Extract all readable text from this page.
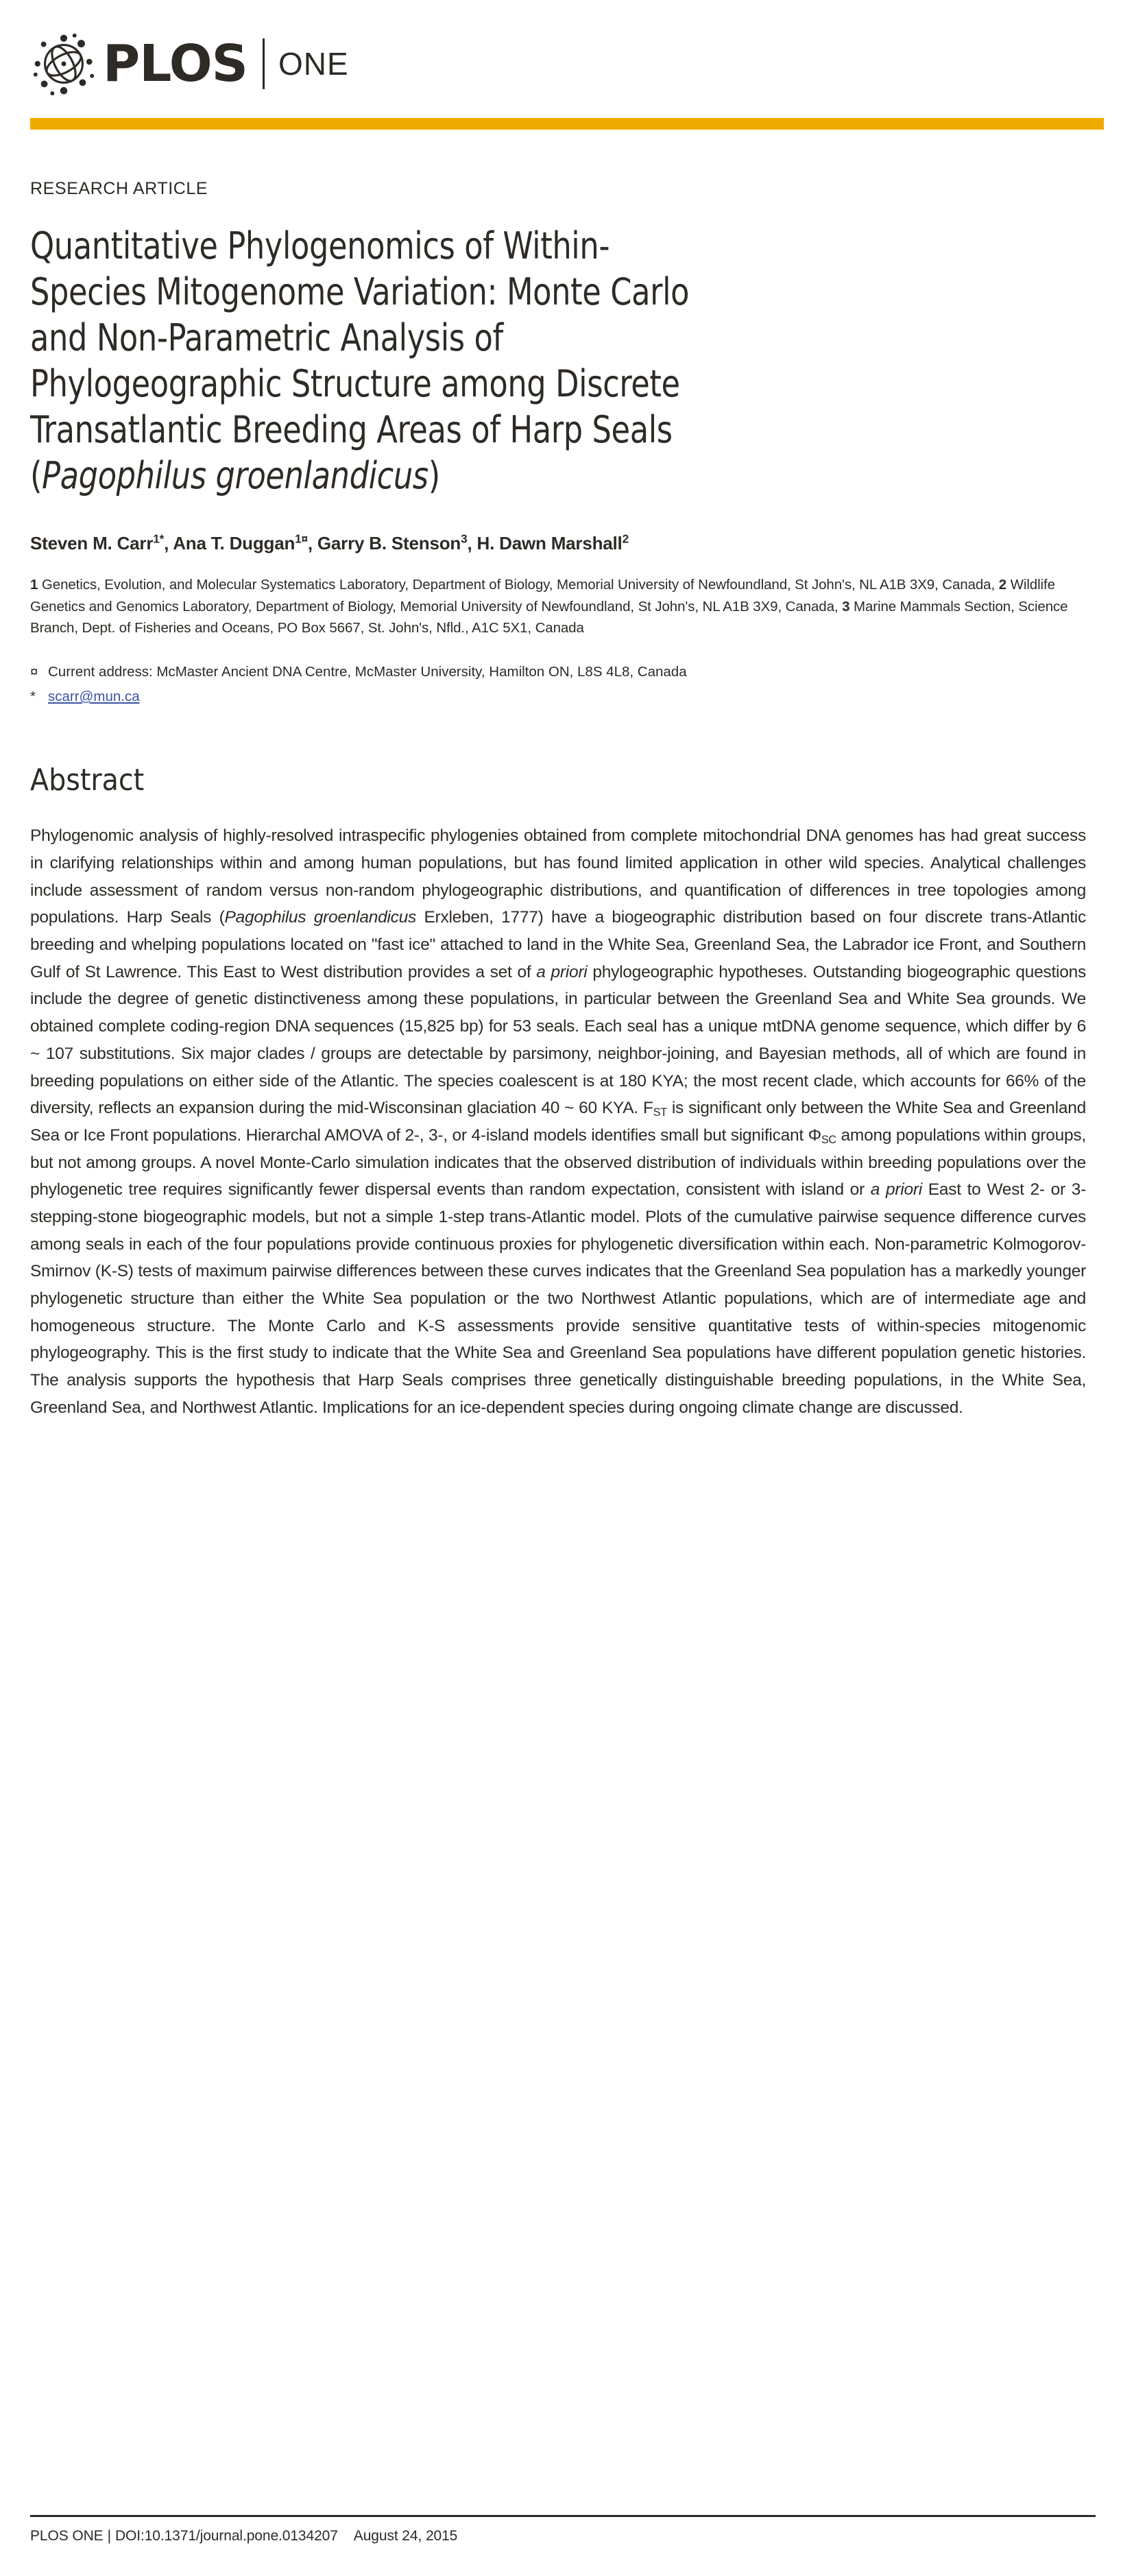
PLOS ONE
RESEARCH ARTICLE
Quantitative Phylogenomics of Within-
Species Mitogenome Variation: Monte Carlo
and Non-Parametric Analysis of
Phylogeographic Structure among Discrete
Transatlantic Breeding Areas of Harp Seals
(Pagophilus groenlandicus)
Steven M. Carr$^{1*}$, Ana T. Duggan$^{1¤}$, Garry B. Stenson$^3$, H. Dawn Marshall$^2$
1 Genetics, Evolution, and Molecular Systematics Laboratory, Department of Biology, Memorial University of Newfoundland, St John's, NL A1B 3X9, Canada, 2 Wildlife Genetics and Genomics Laboratory, Department of Biology, Memorial University of Newfoundland, St John's, NL A1B 3X9, Canada, 3 Marine Mammals Section, Science Branch, Dept. of Fisheries and Oceans, PO Box 5667, St. John's, Nfld., A1C 5X1, Canada
¤ Current address: McMaster Ancient DNA Centre, McMaster University, Hamilton ON, L8S 4L8, Canada
* scarr@mun.ca
Abstract
Phylogenomic analysis of highly-resolved intraspecific phylogenies obtained from complete mitochondrial DNA genomes has had great success in clarifying relationships within and among human populations, but has found limited application in other wild species. Analytical challenges include assessment of random versus non-random phylogeographic distributions, and quantification of differences in tree topologies among populations. Harp Seals (Pagophilus groenlandicus Erxleben, 1777) have a biogeographic distribution based on four discrete trans-Atlantic breeding and whelping populations located on "fast ice" attached to land in the White Sea, Greenland Sea, the Labrador ice Front, and Southern Gulf of St Lawrence. This East to West distribution provides a set of a priori phylogeographic hypotheses. Outstanding biogeographic questions include the degree of genetic distinctiveness among these populations, in particular between the Greenland Sea and White Sea grounds. We obtained complete coding-region DNA sequences (15,825 bp) for 53 seals. Each seal has a unique mtDNA genome sequence, which differ by 6 ~ 107 substitutions. Six major clades / groups are detectable by parsimony, neighbor-joining, and Bayesian methods, all of which are found in breeding populations on either side of the Atlantic. The species coalescent is at 180 KYA; the most recent clade, which accounts for 66% of the diversity, reflects an expansion during the mid-Wisconsinan glaciation 40 ~ 60 KYA. $F_{ST}$ is significant only between the White Sea and Greenland Sea or Ice Front populations. Hierarchal AMOVA of 2-, 3-, or 4-island models identifies small but significant $\Phi_{SC}$ among populations within groups, but not among groups. A novel Monte-Carlo simulation indicates that the observed distribution of individuals within breeding populations over the phylogenetic tree requires significantly fewer dispersal events than random expectation, consistent with island or a priori East to West 2- or 3-stepping-stone biogeographic models, but not a simple 1-step trans-Atlantic model. Plots of the cumulative pairwise sequence difference curves among seals in each of the four populations provide continuous proxies for phylogenetic diversification within each. Non-parametric Kolmogorov-Smirnov (K-S) tests of maximum pairwise differences between these curves indicates that the Greenland Sea population has a markedly younger phylogenetic structure than either the White Sea population or the two Northwest Atlantic populations, which are of intermediate age and homogeneous structure. The Monte Carlo and K-S assessments provide sensitive quantitative tests of within-species mitogenomic phylogeography. This is the first study to indicate that the White Sea and Greenland Sea populations have different population genetic histories. The analysis supports the hypothesis that Harp Seals comprises three genetically distinguishable breeding populations, in the White Sea, Greenland Sea, and Northwest Atlantic. Implications for an ice-dependent species during ongoing climate change are discussed.
PLOS ONE | DOI:10.1371/journal.pone.0134207 August 24, 2015
